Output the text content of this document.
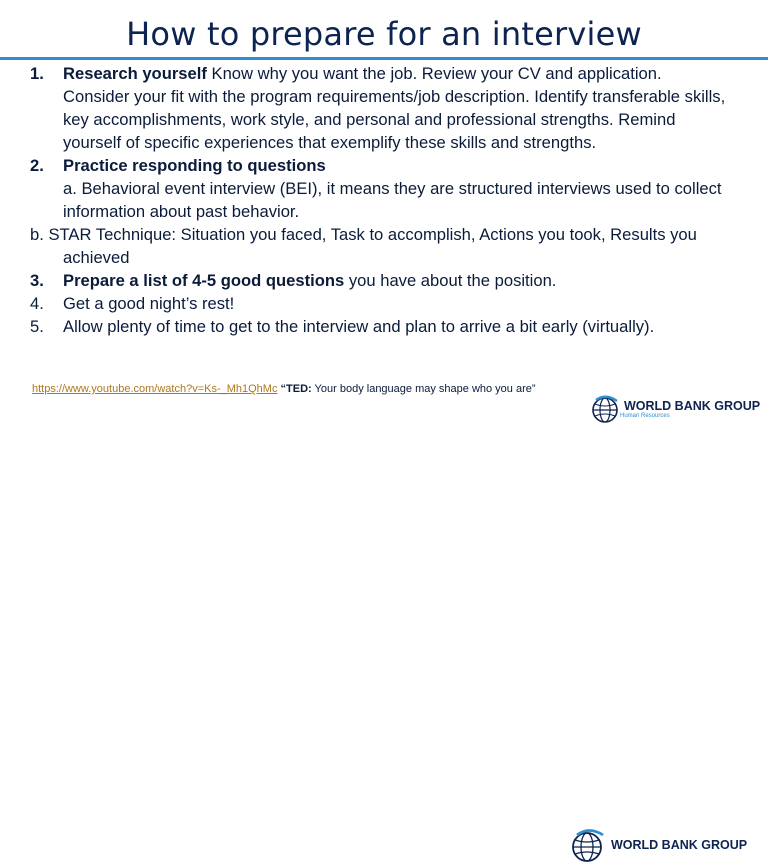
How to prepare for an interview
1.	Research yourself Know why you want the job. Review your CV and application. Consider your fit with the program requirements/job description. Identify transferable skills, key accomplishments, work style, and personal and professional strengths. Remind yourself of specific experiences that exemplify these skills and strengths.
2.	Practice responding to questions
a. Behavioral event interview (BEI), it means they are structured interviews used to collect information about past behavior.
b. STAR Technique: Situation you faced, Task to accomplish, Actions you took, Results you achieved
3.	Prepare a list of 4-5 good questions you have about the position.
4.	Get a good night’s rest!
5.	Allow plenty of time to get to the interview and plan to arrive a bit early (virtually).
https://www.youtube.com/watch?v=Ks-_Mh1QhMc “TED: Your body language may shape who you are”
WORLD BANK GROUP
Human Resources
WORLD BANK GROUP
